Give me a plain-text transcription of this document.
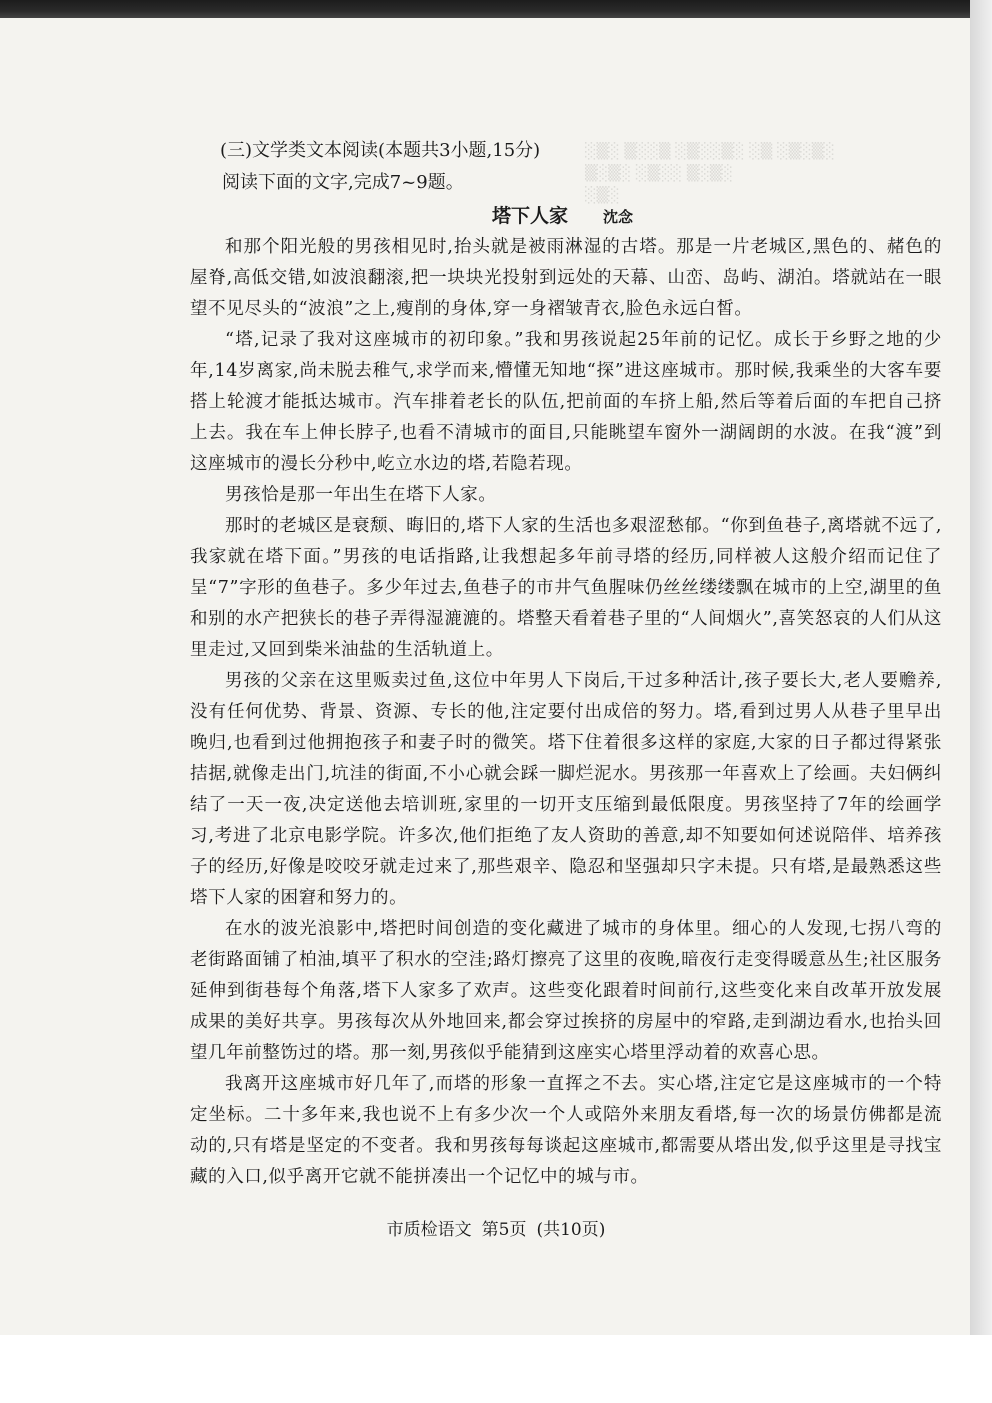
░▒░ ▒░░▒ ░▒░░▒░ ░▒ ░▒░▒░
▒░▒░ ░▒░░ ▒░▒░
░▒░
(三)文学类文本阅读(本题共3小题,15分)
阅读下面的文字,完成7~9题。
塔下人家 沈念

和那个阳光般的男孩相见时,抬头就是被雨淋湿的古塔。那是一片老城区,黑色的、赭色的屋脊,高低交错,如波浪翻滚,把一块块光投射到远处的天幕、山峦、岛屿、湖泊。塔就站在一眼望不见尽头的“波浪”之上,瘦削的身体,穿一身褶皱青衣,脸色永远白皙。

“塔,记录了我对这座城市的初印象。”我和男孩说起25年前的记忆。成长于乡野之地的少年,14岁离家,尚未脱去稚气,求学而来,懵懂无知地“探”进这座城市。那时候,我乘坐的大客车要搭上轮渡才能抵达城市。汽车排着老长的队伍,把前面的车挤上船,然后等着后面的车把自己挤上去。我在车上伸长脖子,也看不清城市的面目,只能眺望车窗外一湖阔朗的水波。在我“渡”到这座城市的漫长分秒中,屹立水边的塔,若隐若现。

男孩恰是那一年出生在塔下人家。

那时的老城区是衰颓、晦旧的,塔下人家的生活也多艰涩愁郁。“你到鱼巷子,离塔就不远了,我家就在塔下面。”男孩的电话指路,让我想起多年前寻塔的经历,同样被人这般介绍而记住了呈“7”字形的鱼巷子。多少年过去,鱼巷子的市井气鱼腥味仍丝丝缕缕飘在城市的上空,湖里的鱼和别的水产把狭长的巷子弄得湿漉漉的。塔整天看着巷子里的“人间烟火”,喜笑怒哀的人们从这里走过,又回到柴米油盐的生活轨道上。

男孩的父亲在这里贩卖过鱼,这位中年男人下岗后,干过多种活计,孩子要长大,老人要赡养,没有任何优势、背景、资源、专长的他,注定要付出成倍的努力。塔,看到过男人从巷子里早出晚归,也看到过他拥抱孩子和妻子时的微笑。塔下住着很多这样的家庭,大家的日子都过得紧张拮据,就像走出门,坑洼的街面,不小心就会踩一脚烂泥水。男孩那一年喜欢上了绘画。夫妇俩纠结了一天一夜,决定送他去培训班,家里的一切开支压缩到最低限度。男孩坚持了7年的绘画学习,考进了北京电影学院。许多次,他们拒绝了友人资助的善意,却不知要如何述说陪伴、培养孩子的经历,好像是咬咬牙就走过来了,那些艰辛、隐忍和坚强却只字未提。只有塔,是最熟悉这些塔下人家的困窘和努力的。

在水的波光浪影中,塔把时间创造的变化藏进了城市的身体里。细心的人发现,七拐八弯的老街路面铺了柏油,填平了积水的空洼;路灯擦亮了这里的夜晚,暗夜行走变得暖意丛生;社区服务延伸到街巷每个角落,塔下人家多了欢声。这些变化跟着时间前行,这些变化来自改革开放发展成果的美好共享。男孩每次从外地回来,都会穿过挨挤的房屋中的窄路,走到湖边看水,也抬头回望几年前整饬过的塔。那一刻,男孩似乎能猜到这座实心塔里浮动着的欢喜心思。

我离开这座城市好几年了,而塔的形象一直挥之不去。实心塔,注定它是这座城市的一个特定坐标。二十多年来,我也说不上有多少次一个人或陪外来朋友看塔,每一次的场景仿佛都是流动的,只有塔是坚定的不变者。我和男孩每每谈起这座城市,都需要从塔出发,似乎这里是寻找宝藏的入口,似乎离开它就不能拼凑出一个记忆中的城与市。

市质检语文 第5页 (共10页)
